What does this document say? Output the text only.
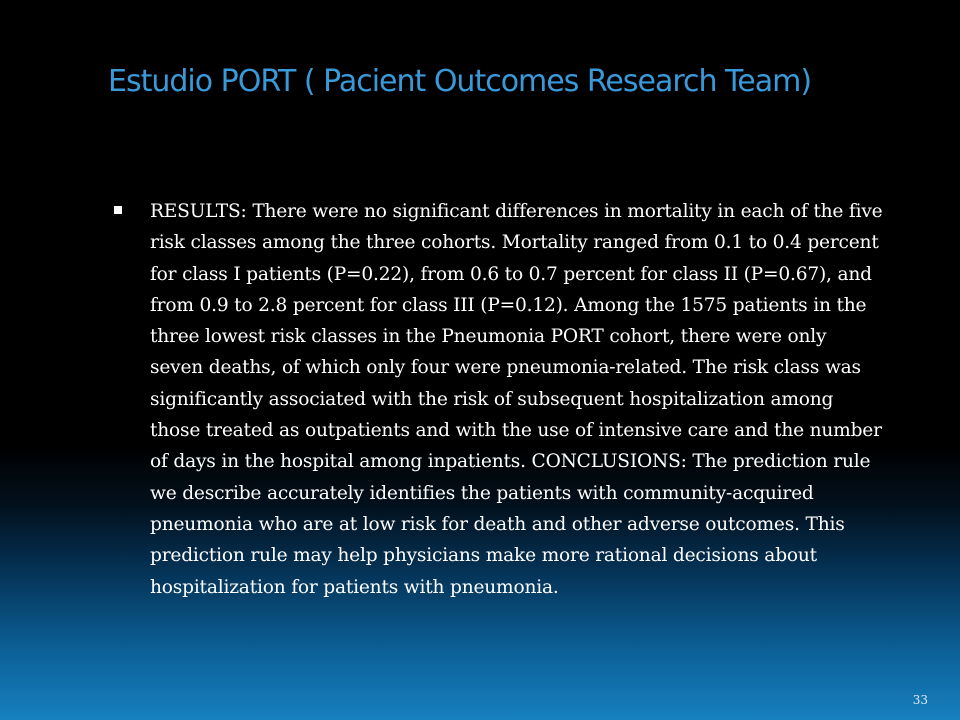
Estudio PORT ( Pacient Outcomes Research Team)
RESULTS: There were no significant differences in mortality in each of the five risk classes among the three cohorts. Mortality ranged from 0.1 to 0.4 percent for class I patients (P=0.22), from 0.6 to 0.7 percent for class II (P=0.67), and from 0.9 to 2.8 percent for class III (P=0.12). Among the 1575 patients in the three lowest risk classes in the Pneumonia PORT cohort, there were only seven deaths, of which only four were pneumonia-related. The risk class was significantly associated with the risk of subsequent hospitalization among those treated as outpatients and with the use of intensive care and the number of days in the hospital among inpatients. CONCLUSIONS: The prediction rule we describe accurately identifies the patients with community-acquired pneumonia who are at low risk for death and other adverse outcomes. This prediction rule may help physicians make more rational decisions about hospitalization for patients with pneumonia.
33
